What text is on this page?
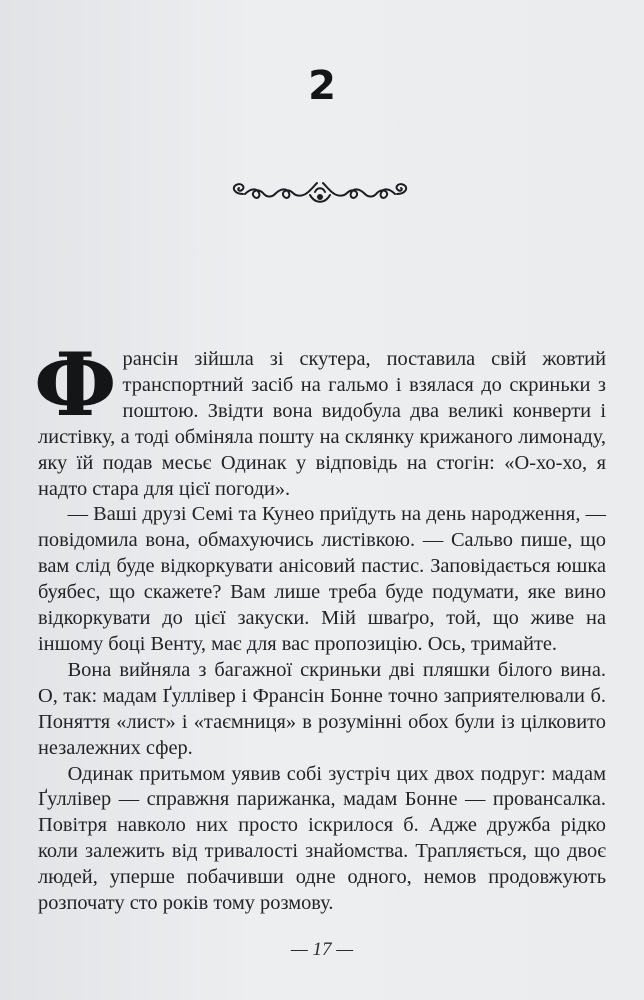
2

Франсін зійшла зі скутера, поставила свій жовтий транспортний засіб на гальмо і взялася до скриньки з поштою. Звідти вона видобула два великі конверти і листівку, а тоді обміняла пошту на склянку крижаного лимонаду, яку їй подав месьє Одинак у відповідь на стогін: «О-хо-хо, я надто стара для цієї погоди».

— Ваші друзі Семі та Кунео приїдуть на день народження, — повідомила вона, обмахуючись листівкою. — Сальво пише, що вам слід буде відкоркувати анісовий пастис. Заповідається юшка буябес, що скажете? Вам лише треба буде подумати, яке вино відкоркувати до цієї закуски. Мій шваґро, той, що живе на іншому боці Венту, має для вас пропозицію. Ось, тримайте.

Вона вийняла з багажної скриньки дві пляшки білого вина. О, так: мадам Ґуллівер і Франсін Бонне точно заприятелювали б. Поняття «лист» і «таємниця» в розумінні обох були із цілковито незалежних сфер.

Одинак притьмом уявив собі зустріч цих двох подруг: мадам Ґуллівер — справжня парижанка, мадам Бонне — провансалка. Повітря навколо них просто іскрилося б. Адже дружба рідко коли залежить від тривалості знайомства. Трапляється, що двоє людей, уперше побачивши одне одного, немов продовжують розпочату сто років тому розмову.

— 17 —
